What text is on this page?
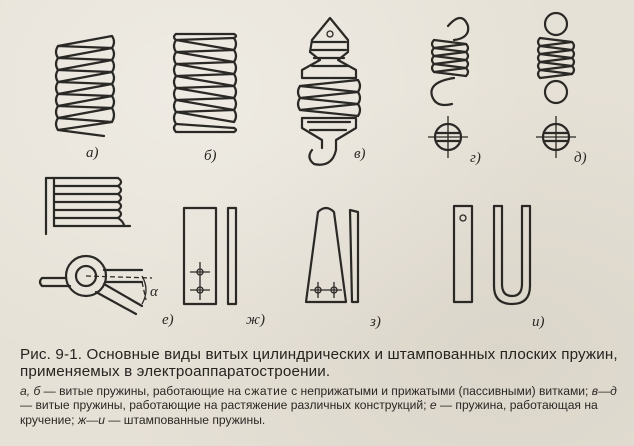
а)	б)	в)	г)	д)
α
е)	ж)	з)	и)
Рис. 9-1. Основные виды витых цилиндрических и штампованных плоских пружин, применяемых в электроаппаратостроении.
а, б — витые пружины, работающие на сжатие с неприжатыми и прижатыми (пассивными) витками; в—д — витые пружины, работающие на растяжение различных конструкций; е — пружина, работающая на кручение; ж—и — штампованные пружины.
